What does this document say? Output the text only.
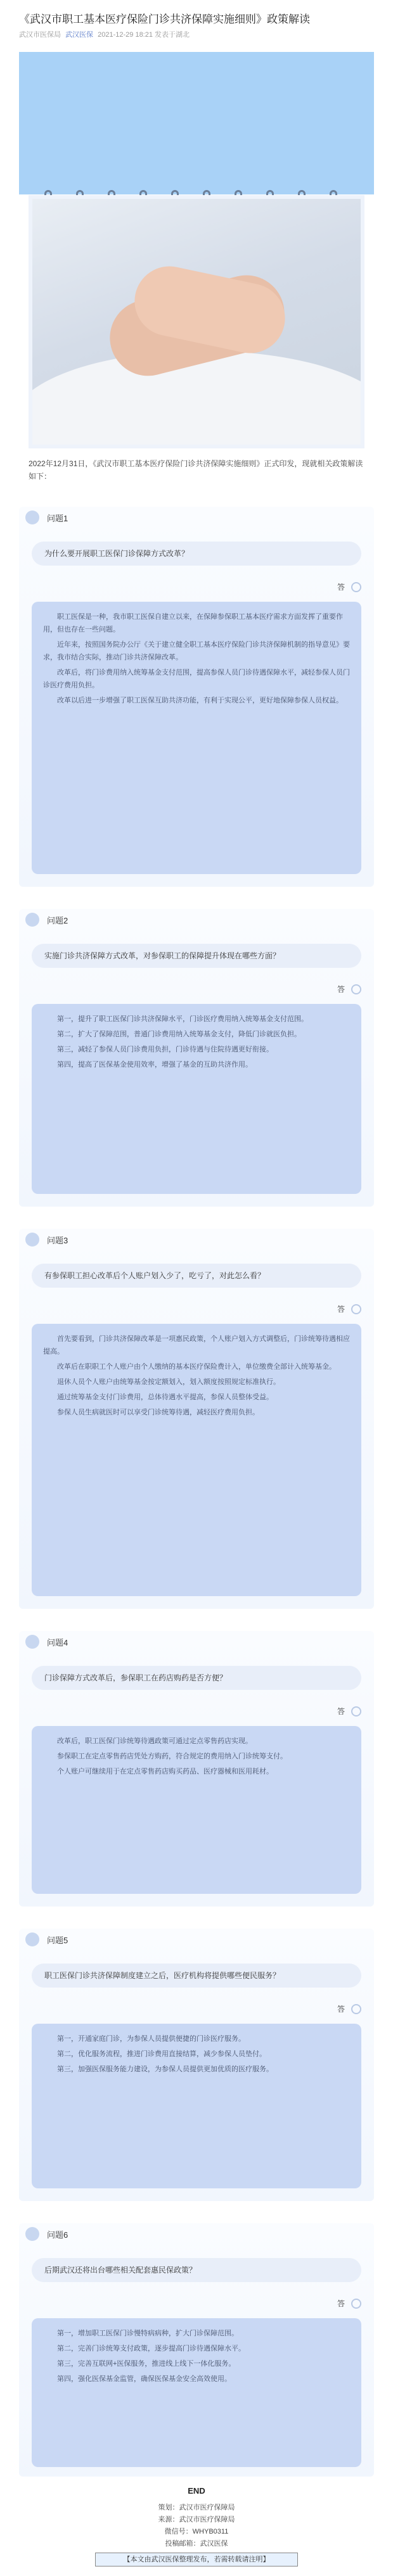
《武汉市职工基本医疗保险门诊共济保障实施细则》政策解读
武汉市医保局 武汉医保 2021-12-29 18:21 发表于湖北
2022年12月31日，《武汉市职工基本医疗保险门诊共济保障实施细则》正式印发，现就相关政策解读如下：
问题1
为什么要开展职工医保门诊保障方式改革？
答

职工医保是一种，我市职工医保自建立以来，在保障参保职工基本医疗需求方面发挥了重要作用，但也存在一些问题。

近年来，按照国务院办公厅《关于建立健全职工基本医疗保险门诊共济保障机制的指导意见》要求，我市结合实际，推动门诊共济保障改革。

改革后，将门诊费用纳入统筹基金支付范围，提高参保人员门诊待遇保障水平，减轻参保人员门诊医疗费用负担。

改革以后进一步增强了职工医保互助共济功能，有利于实现公平，更好地保障参保人员权益。

问题2
实施门诊共济保障方式改革，对参保职工的保障提升体现在哪些方面？
答

第一，提升了职工医保门诊共济保障水平，门诊医疗费用纳入统筹基金支付范围。

第二，扩大了保障范围，普通门诊费用纳入统筹基金支付，降低门诊就医负担。

第三，减轻了参保人员门诊费用负担，门诊待遇与住院待遇更好衔接。

第四，提高了医保基金使用效率，增强了基金的互助共济作用。

问题3
有参保职工担心改革后个人账户划入少了，吃亏了，对此怎么看？
答

首先要看到，门诊共济保障改革是一项惠民政策，个人账户划入方式调整后，门诊统筹待遇相应提高。

改革后在职职工个人账户由个人缴纳的基本医疗保险费计入，单位缴费全部计入统筹基金。

退休人员个人账户由统筹基金按定额划入，划入额度按照规定标准执行。

通过统筹基金支付门诊费用，总体待遇水平提高，参保人员整体受益。

参保人员生病就医时可以享受门诊统筹待遇，减轻医疗费用负担。

问题4
门诊保障方式改革后，参保职工在药店购药是否方便？
答

改革后，职工医保门诊统筹待遇政策可通过定点零售药店实现。

参保职工在定点零售药店凭处方购药，符合规定的费用纳入门诊统筹支付。

个人账户可继续用于在定点零售药店购买药品、医疗器械和医用耗材。

问题5
职工医保门诊共济保障制度建立之后，医疗机构将提供哪些便民服务？
答

第一，开通家庭门诊，为参保人员提供便捷的门诊医疗服务。

第二，优化服务流程，推进门诊费用直接结算，减少参保人员垫付。

第三，加强医保服务能力建设，为参保人员提供更加优质的医疗服务。

问题6
后期武汉还将出台哪些相关配套惠民保政策？
答

第一，增加职工医保门诊慢特病病种，扩大门诊保障范围。

第二，完善门诊统筹支付政策，逐步提高门诊待遇保障水平。

第三，完善互联网+医保服务，推进线上线下一体化服务。

第四，强化医保基金监管，确保医保基金安全高效使用。

END
策划：武汉市医疗保障局
来源：武汉市医疗保障局
微信号：WHYB0311
投稿邮箱：武汉医保
【本文由武汉医保整理发布，若需转载请注明】
